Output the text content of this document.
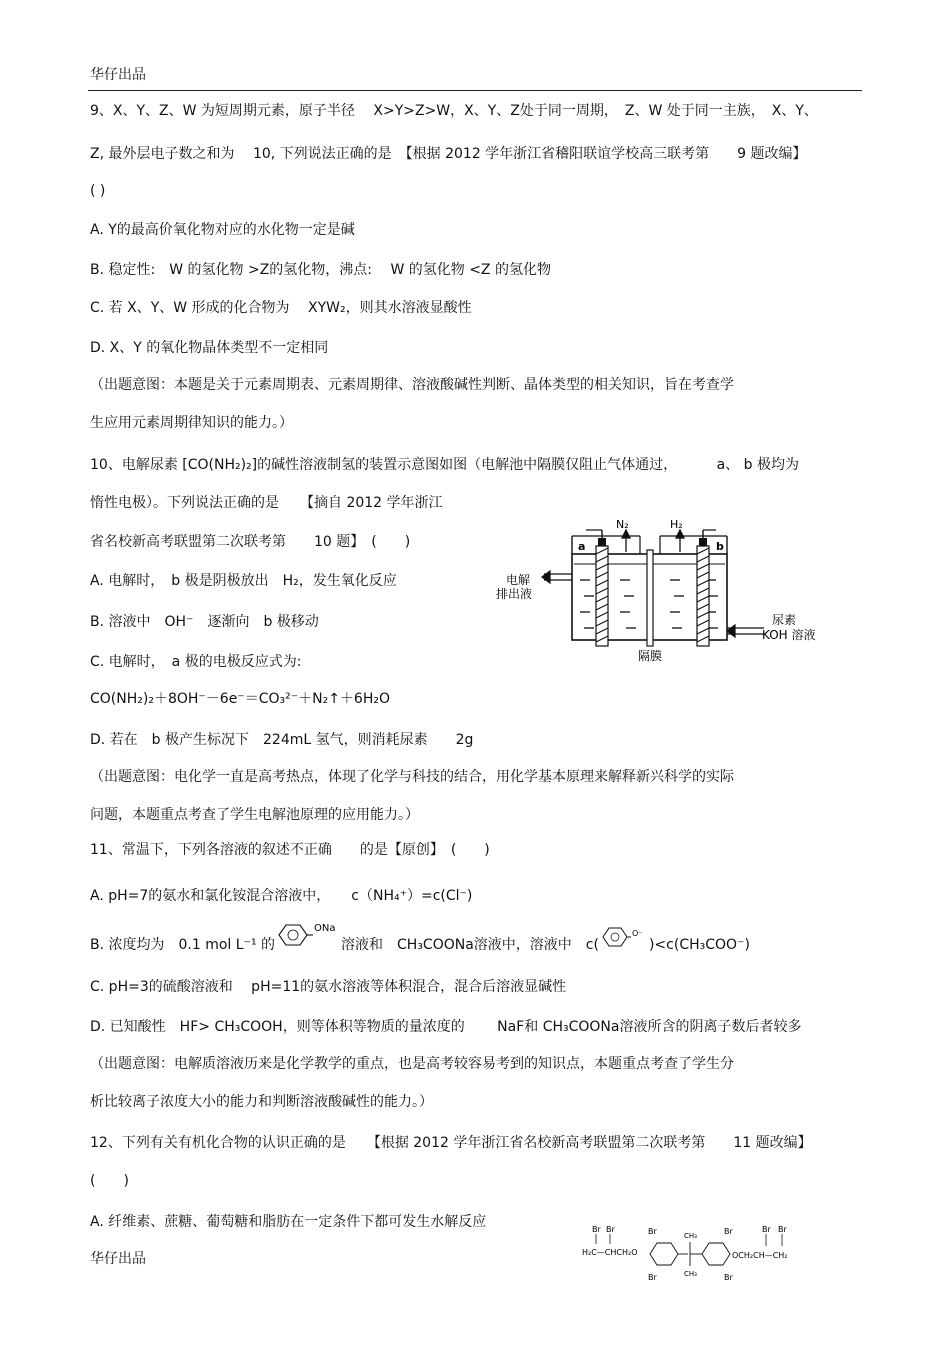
华仔出品
9、X、Y、Z、W 为短周期元素，原子半径　 X>Y>Z>W，X、Y、Z处于同一周期，　Z、W 处于同一主族，　X、Y、
Z, 最外层电子数之和为　 10, 下列说法正确的是　【根据 2012 学年浙江省稽阳联谊学校高三联考第　　9 题改编】
( )
A. Y的最高价氧化物对应的水化物一定是碱
B. 稳定性:　W 的氢化物 >Z的氢化物，沸点:　 W 的氢化物 <Z 的氢化物
C. 若 X、Y、W 形成的化合物为　 XYW₂，则其水溶液显酸性
D. X、Y 的氧化物晶体类型不一定相同
（出题意图：本题是关于元素周期表、元素周期律、溶液酸碱性判断、晶体类型的相关知识，旨在考查学
生应用元素周期律知识的能力。）
10、电解尿素 [CO(NH₂)₂]的碱性溶液制氢的装置示意图如图（电解池中隔膜仅阻止气体通过，　　　 a、 b 极均为
惰性电极）。下列说法正确的是　　【摘自 2012 学年浙江
省名校新高考联盟第二次联考第　　10 题】　(　　)
A. 电解时，　b 极是阴极放出　H₂，发生氧化反应
B. 溶液中　OH⁻　逐渐向　b 极移动
C. 电解时，　a 极的电极反应式为:
CO(NH₂)₂＋8OH⁻－6e⁻＝CO₃²⁻＋N₂↑＋6H₂O
D. 若在　b 极产生标况下　224mL 氢气，则消耗尿素　　2g
（出题意图：电化学一直是高考热点，体现了化学与科技的结合，用化学基本原理来解释新兴科学的实际
问题，本题重点考查了学生电解池原理的应用能力。）
a	b
N₂	H₂
电解
排出液
尿素
KOH 溶液
隔膜
11、常温下，下列各溶液的叙述不正确　　的是【原创】　(　　)
A. pH=7的氨水和氯化铵混合溶液中，　　c（NH₄⁺）=c(Cl⁻)
B. 浓度均为　0.1 mol L⁻¹ 的
ONa
溶液和　CH₃COONa溶液中，溶液中　c(
O⁻
)<c(CH₃COO⁻)
C. pH=3的硫酸溶液和　 pH=11的氨水溶液等体积混合，混合后溶液显碱性
D. 已知酸性　HF> CH₃COOH，则等体积等物质的量浓度的　　 NaF和 CH₃COONa溶液所含的阴离子数后者较多
（出题意图：电解质溶液历来是化学教学的重点，也是高考较容易考到的知识点，本题重点考查了学生分
析比较离子浓度大小的能力和判断溶液酸碱性的能力。）
12、下列有关有机化合物的认识正确的是　　【根据 2012 学年浙江省名校新高考联盟第二次联考第　　11 题改编】
(　　)
A. 纤维素、蔗糖、葡萄糖和脂肪在一定条件下都可发生水解反应	Br Br
H₂C—CHCH₂O
Br
Br
CH₃
CH₃
Br
Br
OCH₂CH—CH₂
Br Br
华仔出品
